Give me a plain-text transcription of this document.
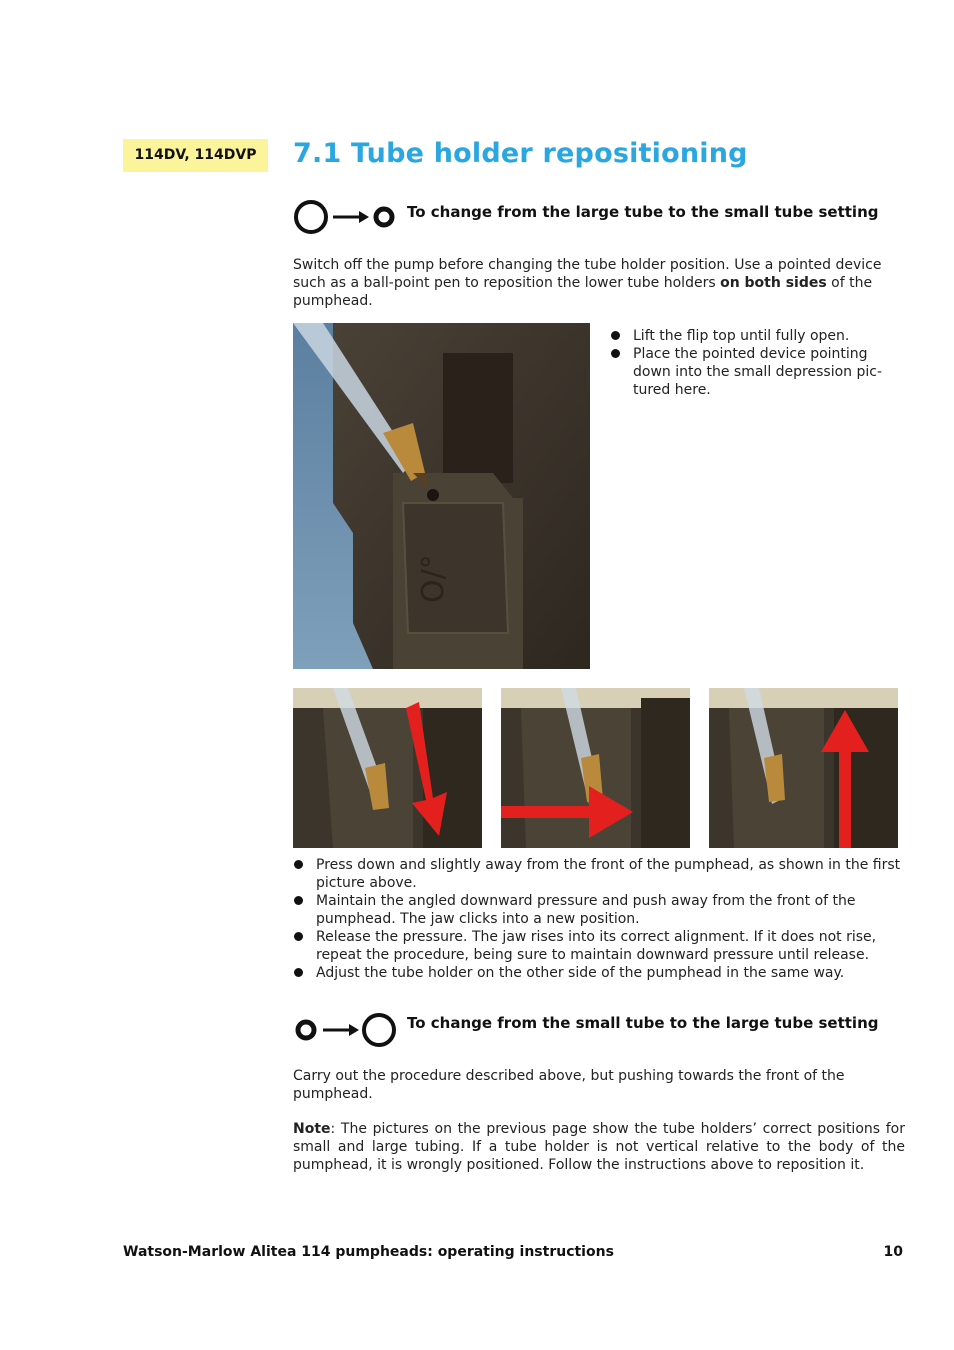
114DV, 114DVP	7.1 Tube holder repositioning
To change from the large tube to the small tube setting
Switch off the pump before changing the tube holder position. Use a pointed device such as a ball-point pen to reposition the lower tube holders on both sides of the pumphead.
O/°
Lift the flip top until fully open.
Place the pointed device pointing down into the small depression pic-tured here.
Press down and slightly away from the front of the pumphead, as shown in the first picture above.
Maintain the angled downward pressure and push away from the front of the pumphead. The jaw clicks into a new position.
Release the pressure. The jaw rises into its correct alignment. If it does not rise, repeat the procedure, being sure to maintain downward pressure until release.
Adjust the tube holder on the other side of the pumphead in the same way.
To change from the small tube to the large tube setting
Carry out the procedure described above, but pushing towards the front of the pumphead.
Note: The pictures on the previous page show the tube holders’ correct positions for small and large tubing. If a tube holder is not vertical relative to the body of the pumphead, it is wrongly positioned. Follow the instructions above to reposition it.
Watson-Marlow Alitea 114 pumpheads: operating instructions	10
